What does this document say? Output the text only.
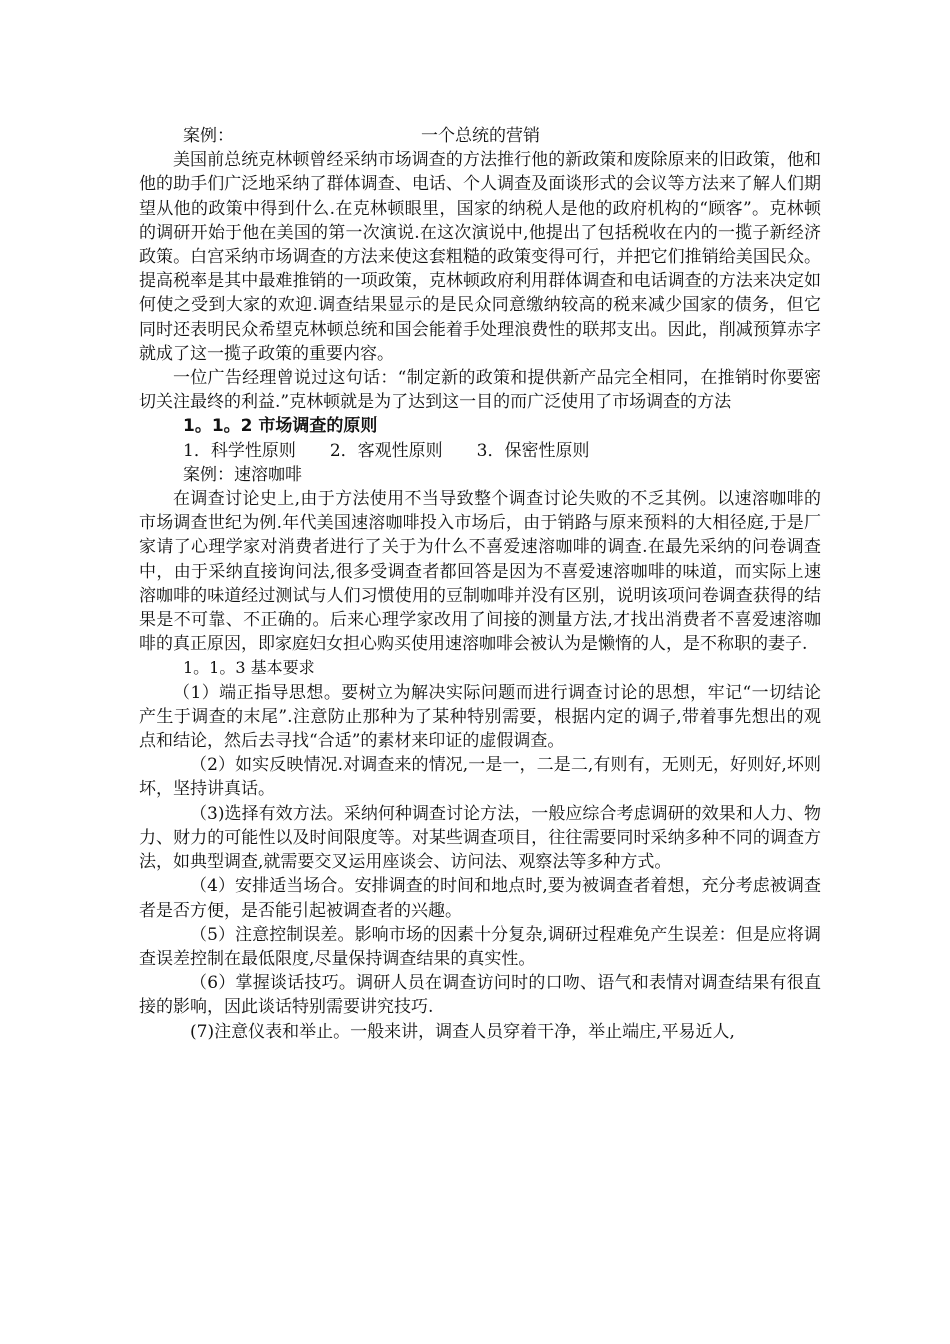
案例：	一个总统的营销

美国前总统克林顿曾经采纳市场调查的方法推行他的新政策和废除原来的旧政策，他和他的助手们广泛地采纳了群体调查、电话、个人调查及面谈形式的会议等方法来了解人们期望从他的政策中得到什么.在克林顿眼里，国家的纳税人是他的政府机构的“顾客”。克林顿的调研开始于他在美国的第一次演说.在这次演说中,他提出了包括税收在内的一揽子新经济政策。白宫采纳市场调查的方法来使这套粗糙的政策变得可行，并把它们推销给美国民众。提高税率是其中最难推销的一项政策，克林顿政府利用群体调查和电话调查的方法来决定如何使之受到大家的欢迎.调查结果显示的是民众同意缴纳较高的税来减少国家的债务，但它同时还表明民众希望克林顿总统和国会能着手处理浪费性的联邦支出。因此，削减预算赤字就成了这一揽子政策的重要内容。

一位广告经理曾说过这句话：“制定新的政策和提供新产品完全相同，在推销时你要密切关注最终的利益.”克林顿就是为了达到这一目的而广泛使用了市场调查的方法

1。1。2 市场调查的原则

1．科学性原则 2．客观性原则 3．保密性原则

案例：速溶咖啡

在调查讨论史上,由于方法使用不当导致整个调查讨论失败的不乏其例。以速溶咖啡的市场调查世纪为例.年代美国速溶咖啡投入市场后，由于销路与原来预料的大相径庭,于是厂家请了心理学家对消费者进行了关于为什么不喜爱速溶咖啡的调查.在最先采纳的问卷调查中，由于采纳直接询问法,很多受调查者都回答是因为不喜爱速溶咖啡的味道，而实际上速溶咖啡的味道经过测试与人们习惯使用的豆制咖啡并没有区别，说明该项问卷调查获得的结果是不可靠、不正确的。后来心理学家改用了间接的测量方法,才找出消费者不喜爱速溶咖啡的真正原因，即家庭妇女担心购买使用速溶咖啡会被认为是懒惰的人，是不称职的妻子.

1。1。3 基本要求

（1）端正指导思想。要树立为解决实际问题而进行调查讨论的思想，牢记“一切结论产生于调查的末尾”.注意防止那种为了某种特别需要，根据内定的调子,带着事先想出的观点和结论，然后去寻找“合适”的素材来印证的虚假调查。

（2）如实反映情况.对调查来的情况,一是一，二是二,有则有，无则无，好则好,坏则坏，坚持讲真话。

（3)选择有效方法。采纳何种调查讨论方法，一般应综合考虑调研的效果和人力、物力、财力的可能性以及时间限度等。对某些调查项目，往往需要同时采纳多种不同的调查方法，如典型调查,就需要交叉运用座谈会、访问法、观察法等多种方式。

（4）安排适当场合。安排调查的时间和地点时,要为被调查者着想，充分考虑被调查者是否方便，是否能引起被调查者的兴趣。

（5）注意控制误差。影响市场的因素十分复杂,调研过程难免产生误差：但是应将调查误差控制在最低限度,尽量保持调查结果的真实性。

（6）掌握谈话技巧。调研人员在调查访问时的口吻、语气和表情对调查结果有很直接的影响，因此谈话特别需要讲究技巧.

(7)注意仪表和举止。一般来讲，调查人员穿着干净，举止端庄,平易近人,
